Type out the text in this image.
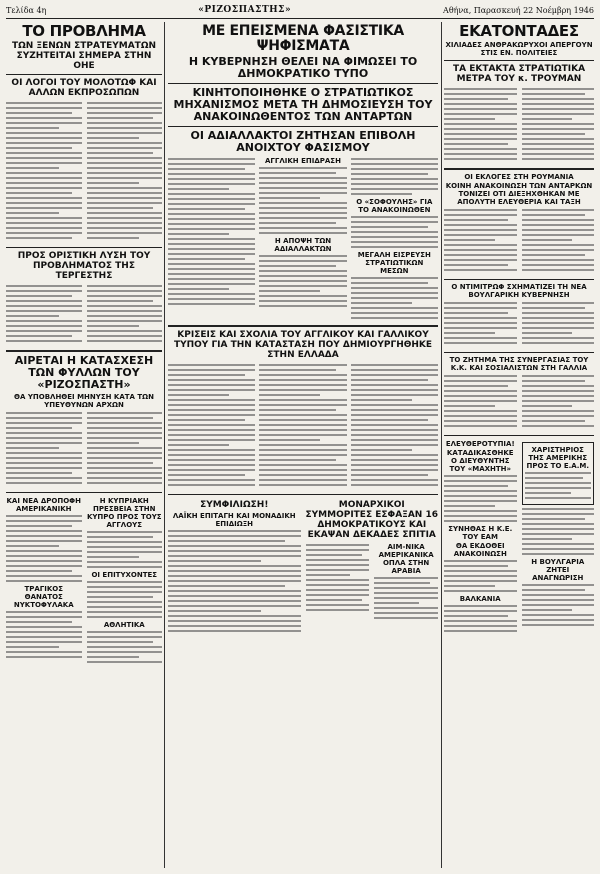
Τελίδα 4η	«ΡΙΖΟΣΠΑΣΤΗΣ»	Αθήνα, Παρασκευή 22 Νοέμβρη 1946
ΤΟ ΠΡΟΒΛΗΜΑ
ΤΩΝ ΞΕΝΩΝ ΣΤΡΑΤΕΥΜΑΤΩΝ ΣΥΖΗΤΕΙΤΑΙ ΣΗΜΕΡΑ ΣΤΗΝ ΟΗΕ
ΟΙ ΛΟΓΟΙ ΤΟΥ ΜΟΛΟΤΩΦ ΚΑΙ ΑΛΛΩΝ ΕΚΠΡΟΣΩΠΩΝ
ΠΡΟΣ ΟΡΙΣΤΙΚΗ ΛΥΣΗ ΤΟΥ ΠΡΟΒΛΗΜΑΤΟΣ ΤΗΣ ΤΕΡΓΕΣΤΗΣ
ΑΙΡΕΤΑΙ Η ΚΑΤΑΣΧΕΣΗ ΤΩΝ ΦΥΛΛΩΝ ΤΟΥ «ΡΙΖΟΣΠΑΣΤΗ»
ΘΑ ΥΠΟΒΛΗΘΕΙ ΜΗΝΥΣΗ ΚΑΤΑ ΤΩΝ ΥΠΕΥΘΥΝΩΝ ΑΡΧΩΝ
ΚΑΙ ΝΕΑ ΔΡΟΠΟΦΗ ΑΜΕΡΙΚΑΝΙΚΗ
ΤΡΑΓΙΚΟΣ ΘΑΝΑΤΟΣ ΝΥΚΤΟΦΥΛΑΚΑ
Η ΚΥΠΡΙΑΚΗ ΠΡΕΣΒΕΙΑ ΣΤΗΝ ΚΥΠΡΟ ΠΡΟΣ ΤΟΥΣ ΑΓΓΛΟΥΣ
ΟΙ ΕΠΙΤΥΧΟΝΤΕΣ
ΑΘΛΗΤΙΚΑ
ΜΕ ΕΠΕΙΣΜΕΝΑ ΦΑΣΙΣΤΙΚΑ ΨΗΦΙΣΜΑΤΑ
Η ΚΥΒΕΡΝΗΣΗ ΘΕΛΕΙ ΝΑ ΦΙΜΩΣΕΙ ΤΟ ΔΗΜΟΚΡΑΤΙΚΟ ΤΥΠΟ
ΚΙΝΗΤΟΠΟΙΗΘΗΚΕ Ο ΣΤΡΑΤΙΩΤΙΚΟΣ ΜΗΧΑΝΙΣΜΟΣ ΜΕΤΑ ΤΗ ΔΗΜΟΣΙΕΥΣΗ ΤΟΥ ΑΝΑΚΟΙΝΩΘΕΝΤΟΣ ΤΩΝ ΑΝΤΑΡΤΩΝ
ΟΙ ΑΔΙΑΛΛΑΚΤΟΙ ΖΗΤΗΣΑΝ ΕΠΙΒΟΛΗ ΑΝΟΙΧΤΟΥ ΦΑΣΙΣΜΟΥ
ΑΓΓΛΙΚΗ ΕΠΙΔΡΑΣΗ
Η ΑΠΟΨΗ ΤΩΝ ΑΔΙΑΛΛΑΚΤΩΝ
Ο «ΣΟΦΟΥΛΗΣ» ΓΙΑ ΤΟ ΑΝΑΚΟΙΝΩΘΕΝ
ΜΕΓΑΛΗ ΕΙΣΡΕΥΣΗ ΣΤΡΑΤΙΩΤΙΚΩΝ ΜΕΣΩΝ
ΚΡΙΣΕΙΣ ΚΑΙ ΣΧΟΛΙΑ ΤΟΥ ΑΓΓΛΙΚΟΥ ΚΑΙ ΓΑΛΛΙΚΟΥ ΤΥΠΟΥ ΓΙΑ ΤΗΝ ΚΑΤΑΣΤΑΣΗ ΠΟΥ ΔΗΜΙΟΥΡΓΗΘΗΚΕ ΣΤΗΝ ΕΛΛΑΔΑ
ΣΥΜΦΙΛΙΩΣΗ!
ΛΑΪΚΗ ΕΠΙΤΑΓΗ ΚΑΙ ΜΟΝΑΔΙΚΗ ΕΠΙΔΙΩΞΗ
ΜΟΝΑΡΧΙΚΟΙ ΣΥΜΜΟΡΙΤΕΣ ΕΣΦΑΞΑΝ 16 ΔΗΜΟΚΡΑΤΙΚΟΥΣ ΚΑΙ ΕΚΑΨΑΝ ΔΕΚΑΔΕΣ ΣΠΙΤΙΑ
ΑΙΜ-ΝΙΚΑ ΑΜΕΡΙΚΑΝΙΚΑ ΟΠΛΑ ΣΤΗΝ ΑΡΑΒΙΑ
ΕΚΑΤΟΝΤΑΔΕΣ
ΧΙΛΙΑΔΕΣ ΑΝΘΡΑΚΩΡΥΧΟΙ ΑΠΕΡΓΟΥΝ ΣΤΙΣ ΕΝ. ΠΟΛΙΤΕΙΕΣ
ΤΑ ΕΚΤΑΚΤΑ ΣΤΡΑΤΙΩΤΙΚΑ ΜΕΤΡΑ ΤΟΥ κ. ΤΡΟΥΜΑΝ
ΟΙ ΕΚΛΟΓΕΣ ΣΤΗ ΡΟΥΜΑΝΙΑ
ΚΟΙΝΗ ΑΝΑΚΟΙΝΩΣΗ ΤΩΝ ΑΝΤΑΡΚΩΝ ΤΟΝΙΖΕΙ ΟΤΙ ΔΙΕΞΗΧΘΗΚΑΝ ΜΕ ΑΠΟΛΥΤΗ ΕΛΕΥΘΕΡΙΑ ΚΑΙ ΤΑΞΗ
Ο ΝΤΙΜΙΤΡΩΦ ΣΧΗΜΑΤΙΖΕΙ ΤΗ ΝΕΑ ΒΟΥΛΓΑΡΙΚΗ ΚΥΒΕΡΝΗΣΗ
ΤΟ ΖΗΤΗΜΑ ΤΗΣ ΣΥΝΕΡΓΑΣΙΑΣ ΤΟΥ Κ.Κ. ΚΑΙ ΣΟΣΙΑΛΙΣΤΩΝ ΣΤΗ ΓΑΛΛΙΑ
ΕΛΕΥΘΕΡΟΤΥΠΙΑ!
ΚΑΤΑΔΙΚΑΣΘΗΚΕ Ο ΔΙΕΥΘΥΝΤΗΣ ΤΟΥ «ΜΑΧΗΤΗ»
ΣΥΝΗΘΑΣ Η Κ.Ε. ΤΟΥ ΕΑΜ
ΘΑ ΕΚΔΟΘΕΙ ΑΝΑΚΟΙΝΩΣΗ
ΒΑΛΚΑΝΙΑ
ΧΑΡΙΣΤΗΡΙΟΣ ΤΗΣ ΑΜΕΡΙΚΗΣ ΠΡΟΣ ΤΟ Ε.Α.Μ.
Η ΒΟΥΛΓΑΡΙΑ ΖΗΤΕΙ ΑΝΑΓΝΩΡΙΣΗ
